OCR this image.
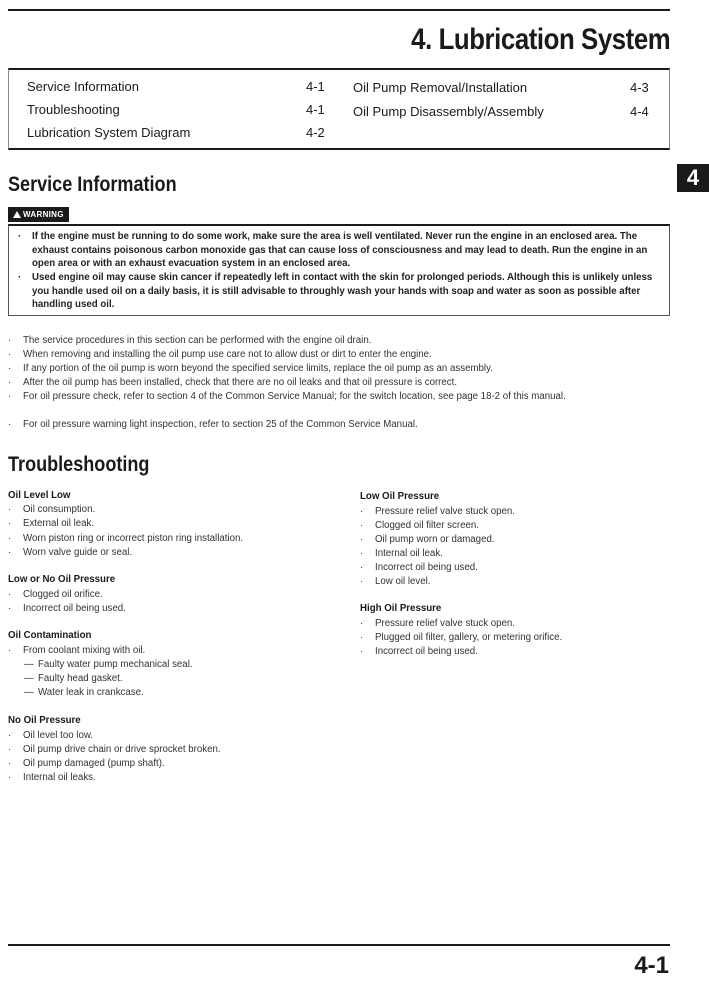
4. Lubrication System
Service Information	4-1
Troubleshooting	4-1
Lubrication System Diagram	4-2
Oil Pump Removal/Installation	4-3
Oil Pump Disassembly/Assembly	4-4
4
Service Information
WARNING
· If the engine must be running to do some work, make sure the area is well ventilated. Never run the engine in an enclosed area. The exhaust contains poisonous carbon monoxide gas that can cause loss of consciousness and may lead to death. Run the engine in an open area or with an exhaust evacuation system in an enclosed area.
· Used engine oil may cause skin cancer if repeatedly left in contact with the skin for prolonged periods. Although this is unlikely unless you handle used oil on a daily basis, it is still advisable to throughly wash your hands with soap and water as soon as possible after handling used oil.
· The service procedures in this section can be performed with the engine oil drain.
· When removing and installing the oil pump use care not to allow dust or dirt to enter the engine.
· If any portion of the oil pump is worn beyond the specified service limits, replace the oil pump as an assembly.
· After the oil pump has been installed, check that there are no oil leaks and that oil pressure is correct.
· For oil pressure check, refer to section 4 of the Common Service Manual; for the switch location, see page 18-2 of this manual.
· For oil pressure warning light inspection, refer to section 25 of the Common Service Manual.
Troubleshooting
Oil Level Low
· Oil consumption.
· External oil leak.
· Worn piston ring or incorrect piston ring installation.
· Worn valve guide or seal.
Low or No Oil Pressure
· Clogged oil orifice.
· Incorrect oil being used.
Oil Contamination
· From coolant mixing with oil.
— Faulty water pump mechanical seal.
— Faulty head gasket.
— Water leak in crankcase.
No Oil Pressure
· Oil level too low.
· Oil pump drive chain or drive sprocket broken.
· Oil pump damaged (pump shaft).
· Internal oil leaks.
Low Oil Pressure
· Pressure relief valve stuck open.
· Clogged oil filter screen.
· Oil pump worn or damaged.
· Internal oil leak.
· Incorrect oil being used.
· Low oil level.
High Oil Pressure
· Pressure relief valve stuck open.
· Plugged oil filter, gallery, or metering orifice.
· Incorrect oil being used.
4-1
